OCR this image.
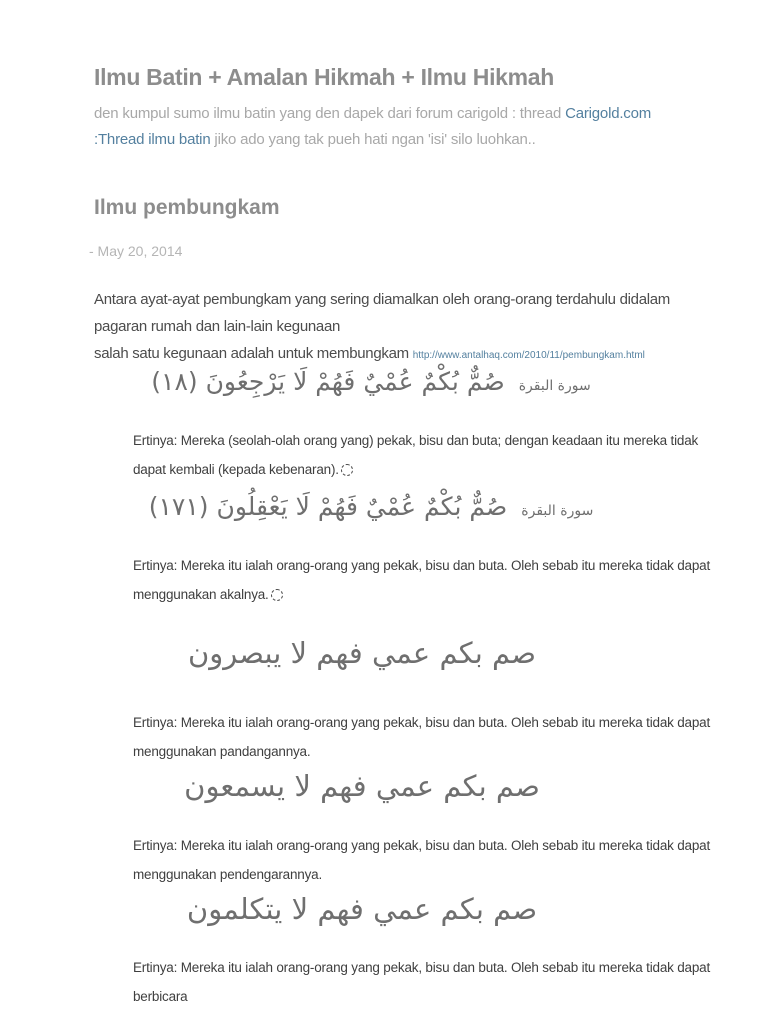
Ilmu Batin + Amalan Hikmah + Ilmu Hikmah
den kumpul sumo ilmu batin yang den dapek dari forum carigold : thread Carigold.com
:Thread ilmu batin jiko ado yang tak pueh hati ngan 'isi' silo luohkan..
Ilmu pembungkam
- May 20, 2014
Antara ayat-ayat pembungkam yang sering diamalkan oleh orang-orang terdahulu didalam
pagaran rumah dan lain-lain kegunaan
salah satu kegunaan adalah untuk membungkam http://www.antalhaq.com/2010/11/pembungkam.html
صُمٌّ بُكْمٌ عُمْيٌ فَهُمْ لَا يَرْجِعُونَ (١٨) سورة البقرة
Ertinya: Mereka (seolah-olah orang yang) pekak, bisu dan buta; dengan keadaan itu mereka tidak
dapat kembali (kepada kebenaran).
صُمٌّ بُكْمٌ عُمْيٌ فَهُمْ لَا يَعْقِلُونَ (١٧١) سورة البقرة
Ertinya: Mereka itu ialah orang-orang yang pekak, bisu dan buta. Oleh sebab itu mereka tidak dapat
menggunakan akalnya.
صم بكم عمي فهم لا يبصرون
Ertinya: Mereka itu ialah orang-orang yang pekak, bisu dan buta. Oleh sebab itu mereka tidak dapat
menggunakan pandangannya.
صم بكم عمي فهم لا يسمعون
Ertinya: Mereka itu ialah orang-orang yang pekak, bisu dan buta. Oleh sebab itu mereka tidak dapat
menggunakan pendengarannya.
صم بكم عمي فهم لا يتكلمون
Ertinya: Mereka itu ialah orang-orang yang pekak, bisu dan buta. Oleh sebab itu mereka tidak dapat
berbicara
